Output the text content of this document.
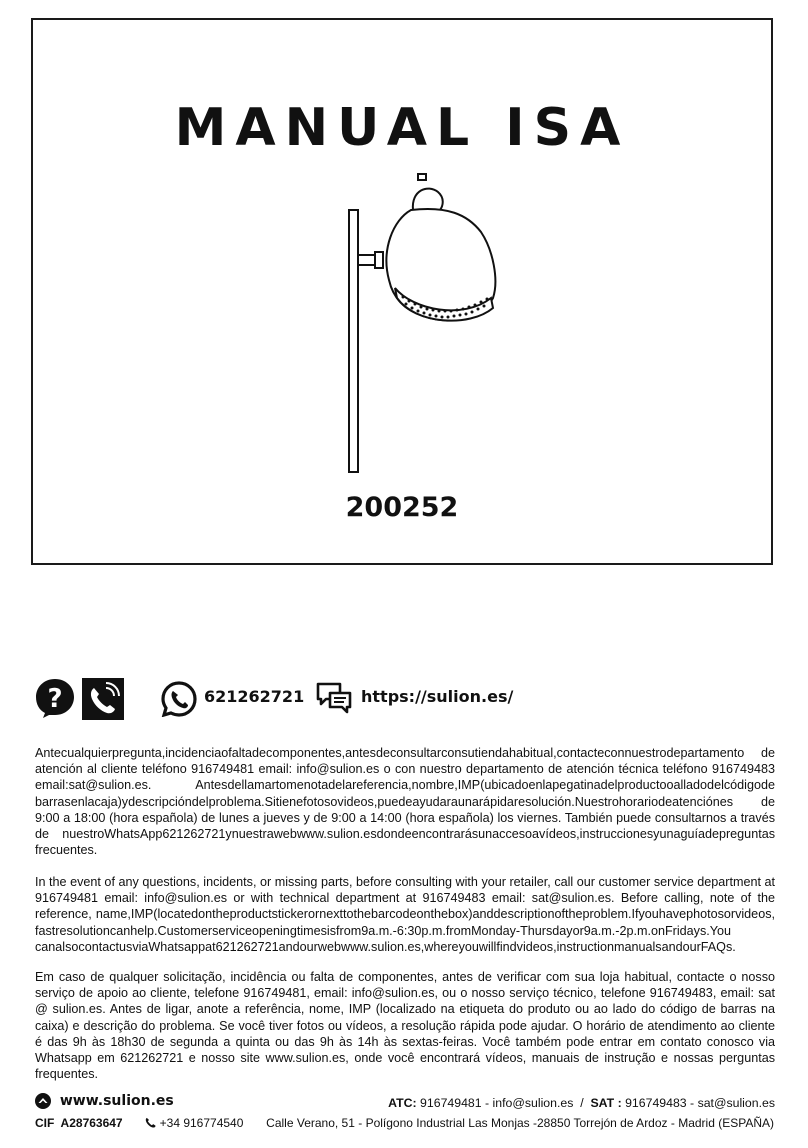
MANUAL ISA
200252
?	621262721	https://sulion.es/
Antecualquierpregunta,incidenciaofaltadecomponentes,antesdeconsultarconsutiendahabitual,contacteconnuestrodepartamento de atención al cliente teléfono 916749481 email: info@sulion.es o con nuestro departamento de atención técnica teléfono 916749483 email:sat@sulion.es. Antesdellamartomenotadelareferencia,nombre,IMP(ubicadoenlapegatinadelproductooalladodelcódigode barrasenlacaja)ydescripcióndelproblema.Sitienefotosovideos,puedeayudaraunarápidaresolución.Nuestrohorariodeatenciónes de 9:00 a 18:00 (hora española) de lunes a jueves y de 9:00 a 14:00 (hora española) los viernes. También puede consultarnos a través de nuestroWhatsApp621262721ynuestrawebwww.sulion.esdondeencontrarásunaccesoavídeos,instruccionesyunaguíadepreguntas frecuentes.
In the event of any questions, incidents, or missing parts, before consulting with your retailer, call our customer service department at 916749481 email: info@sulion.es or with technical department at 916749483 email: sat@sulion.es. Before calling, note of the reference, name,IMP(locatedontheproductstickerornexttothebarcodeonthebox)anddescriptionoftheproblem.Ifyouhavephotosorvideos, fastresolutioncanhelp.Customerserviceopeningtimesisfrom9a.m.-6:30p.m.fromMonday-Thursdayor9a.m.-2p.m.onFridays.You canalsocontactusviaWhatsappat621262721andourwebwww.sulion.es,whereyouwillfindvideos,instructionmanualsandourFAQs.
Em caso de qualquer solicitação, incidência ou falta de componentes, antes de verificar com sua loja habitual, contacte o nosso serviço de apoio ao cliente, telefone 916749481, email: info@sulion.es, ou o nosso serviço técnico, telefone 916749483, email: sat @ sulion.es. Antes de ligar, anote a referência, nome, IMP (localizado na etiqueta do produto ou ao lado do código de barras na caixa) e descrição do problema. Se você tiver fotos ou vídeos, a resolução rápida pode ajudar. O horário de atendimento ao cliente é das 9h às 18h30 de segunda a quinta ou das 9h às 14h às sextas-feiras. Você também pode entrar em contato conosco via Whatsapp em 621262721 e nosso site www.sulion.es, onde você encontrará vídeos, manuais de instrução e nossas perguntas frequentes.
www.sulion.es	ATC: 916749481 - info@sulion.es  /  SAT : 916749483 - sat@sulion.es
CIF  A28763647	+34 916774540 Calle Verano, 51 - Polígono Industrial Las Monjas -28850 Torrejón de Ardoz - Madrid (ESPAÑA)
